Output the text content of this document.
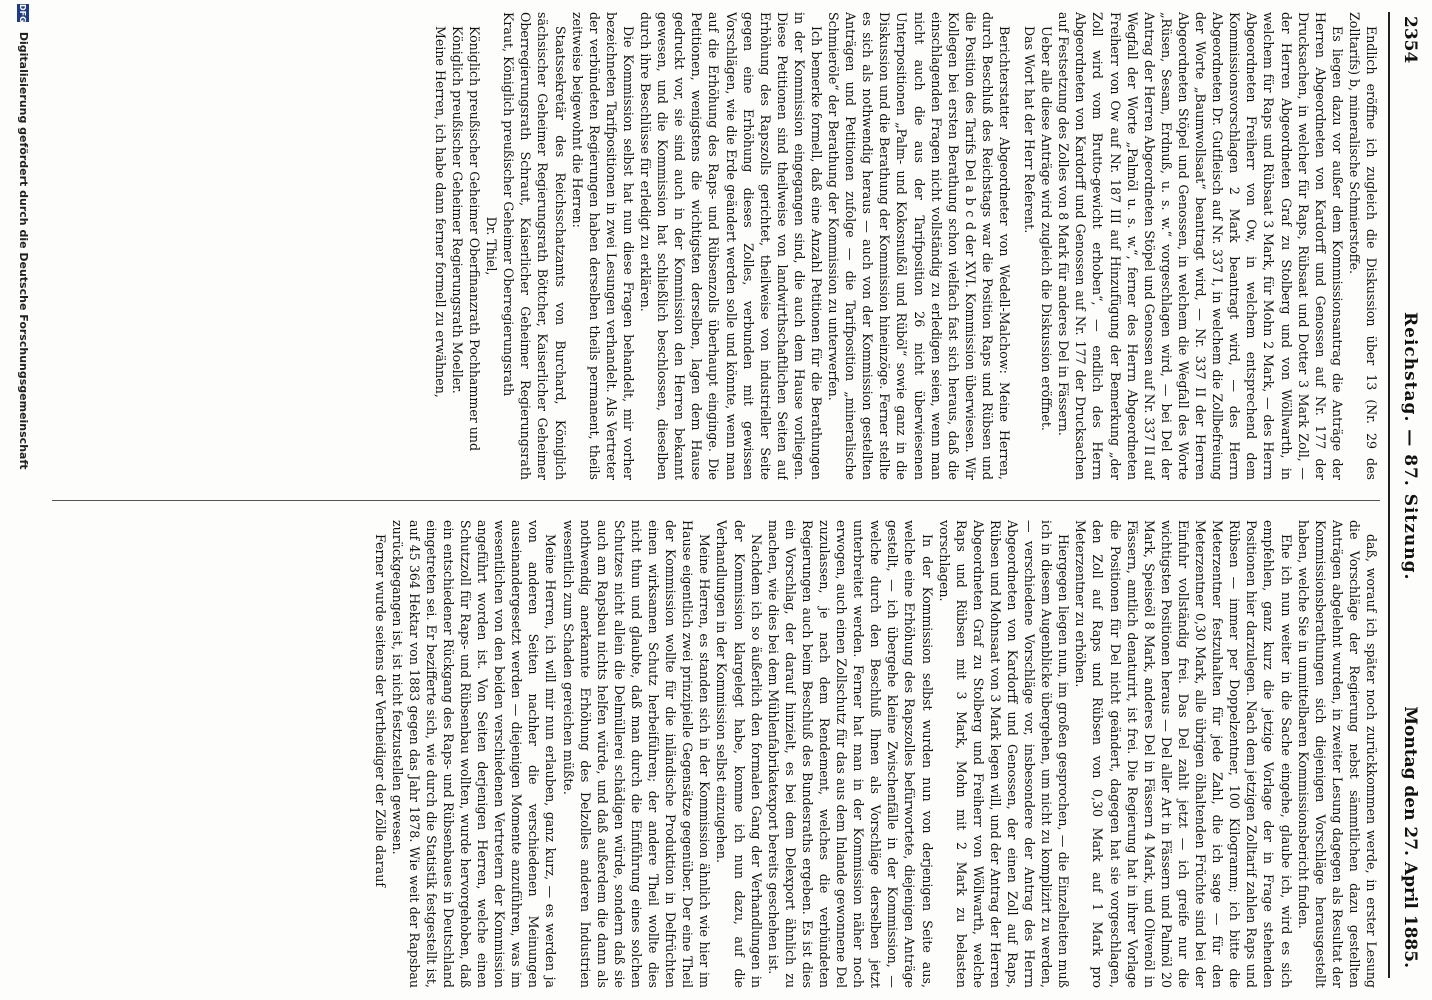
2354
Reichstag. — 87. Sitzung.
Montag den 27. April 1885.

Endlich eröffne ich zugleich die Diskussion über 13 (Nr. 29 des Zolltarifs) b, mineralische Schmierstoffe.

Es liegen dazu vor außer dem Kommissionsantrag die Anträge der Herren Abgeordneten von Kardorff und Genossen auf Nr. 177 der Drucksachen, in welcher für Raps, Rübsaat und Dotter 3 Mark Zoll, — der Herren Abgeordneten Graf zu Stolberg und von Wöllwarth, in welchem für Raps und Rübsaat 3 Mark, für Mohn 2 Mark, — des Herrn Abgeordneten Freiherr von Ow, in welchem entsprechend dem Kommissionsvorschlagen 2 Mark beantragt wird, — des Herrn Abgeordneten Dr. Gutfleisch auf Nr. 337 I, in welchem die Zollbefreiung der Worte „Baumwollsaat“ beantragt wird, — Nr. 337 II der Herren Abgeordneten Stöpel und Genossen, in welchem die Wegfall des Worte „Rüsen, Sesam, Erdnuß, u. s. w.“ vorgeschlagen wird, — bei Del der Antrag der Herren Abgeordneten Stöpel und Genossen auf Nr. 337 II auf Wegfall der Worte „Palmöl u. s. w.“, ferner des Herrn Abgeordneten Freiherr von Ow auf Nr. 187 III auf Hinzufügung der Bemerkung „der Zoll wird vom Brutto-gewicht erhoben“, — endlich des Herrn Abgeordneten von Kardorff und Genossen auf Nr. 177 der Drucksachen auf Festsetzung des Zolles von 8 Mark für anderes Del in Fässern.

Ueber alle diese Anträge wird zugleich die Diskussion eröffnet.

Das Wort hat der Herr Referent.

Berichterstatter Abgeordneter von Wedell-Malchow: Meine Herren, durch Beschluß des Reichstags war die Position Raps und Rübsen und die Position des Tarifs Del a b c d der XVI. Kommission überwiesen. Wir Kollegen bei ersten Berathung schon vielfach fast sich heraus, daß die einschlagenden Fragen nicht vollständig zu erledigen seien, wenn man nicht auch die aus der Tarifposition 26 nicht überwiesenen Unterpositionen „Palm- und Kokosnußöl und Rüböl“ sowie ganz in die Diskussion und die Berathung der Kommission hineinzöge. Ferner stellte es sich als nothwendig heraus — auch von der Kommission gestellten Anträgen und Petitionen zufolge — die Tarifposition „mineralische Schmieröle“ der Berathung der Kommission zu unterwerfen.

Ich bemerke formell, daß eine Anzahl Petitionen für die Berathungen in der Kommission eingegangen sind, die auch dem Hause vorliegen. Diese Petitionen sind theilweise von landwirthschaftlichen Seiten auf Erhöhung des Rapszolls gerichtet, theilweise von industrieller Seite gegen eine Erhöhung dieses Zolles, verbunden mit gewissen Vorschlägen, wie die Erde geändert werden solle und könnte, wenn man auf die Erhöhung des Raps- und Rübsenzolls überhaupt einginge. Die Petitionen, wenigstens die wichtigsten derselben, lagen dem Hause gedruckt vor, sie sind auch in der Kommission den Herren bekannt gewesen, und die Kommission hat schließlich beschlossen, dieselben durch ihre Beschlüsse für erledigt zu erklären.

Die Kommission selbst hat nun diese Fragen behandelt, mir vorher bezeichneten Tarifpositionen in zwei Lesungen verhandelt. Als Vertreter der verbündeten Regierungen haben derselben theils permanent, theils zeitweise beigewohnt die Herren:

Staatssekretär des Reichsschatzamts von Burchard, Königlich sächsischer Geheimer Regierungsrath Böttcher, Kaiserlicher Geheimer Oberregierungsrath Schraut, Kaiserlicher Geheimer Regierungsrath Kraut, Königlich preußischer Geheimer Oberregierungsrath

Dr. Thiel,

Königlich preußischer Geheimer Oberfinanzrath Pochhammer und

Königlich preußischer Geheimer Regierungsrath Moeller.

Meine Herren, ich habe dann ferner formell zu erwähnen,

daß, worauf ich später noch zurückkommen werde, in erster Lesung die Vorschläge der Regierung nebst sämmtlichen dazu gestellten Anträgen abgelehnt wurden, in zweiter Lesung dagegen als Resultat der Kommissionsberathungen sich diejenigen Vorschläge herausgestellt haben, welche Sie in unmittelbaren Kommissionsbericht finden.

Ehe ich nun weiter in die Sache eingehe, glaube ich, wird es sich empfehlen, ganz kurz die jetzige Vorlage der in Frage stehenden Positionen hier darzulegen. Nach dem jetzigen Zolltarif zahlen Raps und Rübsen — immer per Doppelzentner, 100 Kilogramm; ich bitte die Meterzentner festzuhalten für jede Zahl, die ich sage — für den Meterzentner 0,30 Mark, alle übrigen ölhaltenden Früchte sind bei der Einfuhr vollständig frei. Das Del zahlt jetzt — ich greife nur die wichtigsten Positionen heraus — Del aller Art in Fässern und Palmöl 20 Mark, Speiseöl 8 Mark, anderes Del in Fässern 4 Mark, und Olivenöl in Fässern, amtlich denaturirt, ist frei. Die Regierung hat in ihrer Vorlage die Positionen für Del nicht geändert, dagegen hat sie vorgeschlagen, den Zoll auf Raps und Rübsen von 0,30 Mark auf 1 Mark pro Meterzentner zu erhöhen.

Hiergegen liegen nun, im großen gesprochen, — die Einzelheiten muß ich in diesem Augenblicke übergehen, um nicht zu komplizirt zu werden, — verschiedene Vorschläge vor, insbesondere der Antrag des Herrn Abgeordneten von Kardorff und Genossen, der einen Zoll auf Raps, Rübsen und Mohnsaat von 3 Mark legen will, und der Antrag der Herren Abgeordneten Graf zu Stolberg und Freiherr von Wöllwarth, welche Raps und Rübsen mit 3 Mark, Mohn mit 2 Mark zu belasten vorschlagen.

In der Kommission selbst wurden nun von derjenigen Seite aus, welche eine Erhöhung des Rapszolles befürwortete, diejenigen Anträge gestellt, — ich übergehe kleine Zwischenfälle in der Kommission, — welche durch den Beschluß Ihnen als Vorschläge derselben jetzt unterbreitet werden. Ferner hat man in der Kommission näher noch erwogen, auch einen Zollschutz für das aus dem Inlande gewonnene Del zuzulassen, je nach dem Rendement, welches die verbündeten Regierungen auch beim Beschluß des Bundesraths ergeben. Es ist dies ein Vorschlag, der darauf hinzielt, es bei dem Delexport ähnlich zu machen, wie dies bei dem Mühlenfabrikatexport bereits geschehen ist.

Nachdem ich so äußerlich den formalen Gang der Verhandlungen in der Kommission klargelegt habe, komme ich nun dazu, auf die Verhandlungen in der Kommission selbst einzugehen.

Meine Herren, es standen sich in der Kommission ähnlich wie hier im Hause eigentlich zwei prinzipielle Gegensätze gegenüber. Der eine Theil der Kommission wollte für die inländische Produktion in Delfrüchten einen wirksamen Schutz herbeiführen; der andere Theil wollte dies nicht thun und glaubte, daß man durch die Einführung eines solchen Schutzes nicht allein die Delmüllerei schädigen würde, sondern daß sie auch am Rapsbau nichts helfen würde, und daß außerdem die dann als nothwendig anerkannte Erhöhung des Delzolles anderen Industrien wesentlich zum Schaden gereichen müßte.

Meine Herren, ich will mir nun erlauben, ganz kurz, — es werden ja von anderen Seiten nachher die verschiedenen Meinungen auseinandergesetzt werden — diejenigen Momente anzuführen, was im wesentlichen von den beiden verschiedenen Vertretern der Kommission angeführt worden ist. Von Seiten derjenigen Herren, welche einen Schutzzoll für Raps- und Rübsenbau wollten, wurde hervorgehoben, daß ein entschiedener Rückgang des Raps- und Rübsenbaues in Deutschland eingetreten sei. Er bezifferte sich, wie durch die Statistik festgestellt ist, auf 45 364 Hektar von 1883 gegen das Jahr 1878. Wie weit der Rapsbau zurückgegangen ist, ist nicht festzustellen gewesen.

Ferner wurde seitens der Vertheidiger der Zölle darauf

DFG Digitalisierung gefördert durch die Deutsche Forschungsgemeinschaft
